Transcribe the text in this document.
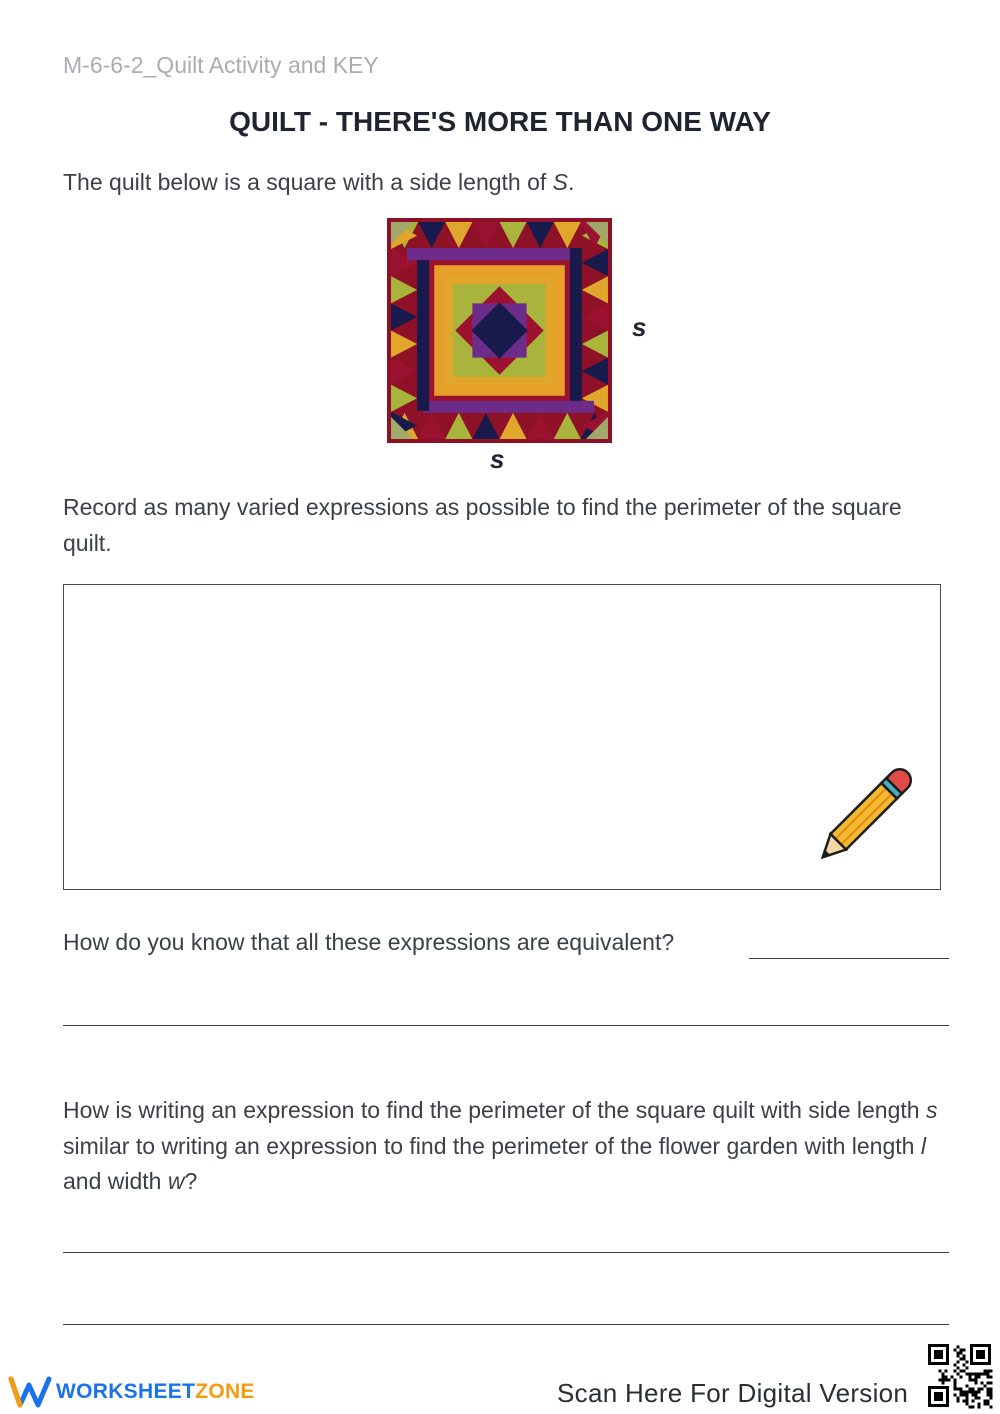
M-6-6-2_Quilt Activity and KEY
QUILT - THERE'S MORE THAN ONE WAY
The quilt below is a square with a side length of S.
s
s
Record as many varied expressions as possible to find the perimeter of the square quilt.
How do you know that all these expressions are equivalent?
How is writing an expression to find the perimeter of the square quilt with side length s similar to writing an expression to find the perimeter of the flower garden with length l and width w?
WORKSHEETZONE	Scan Here For Digital Version
